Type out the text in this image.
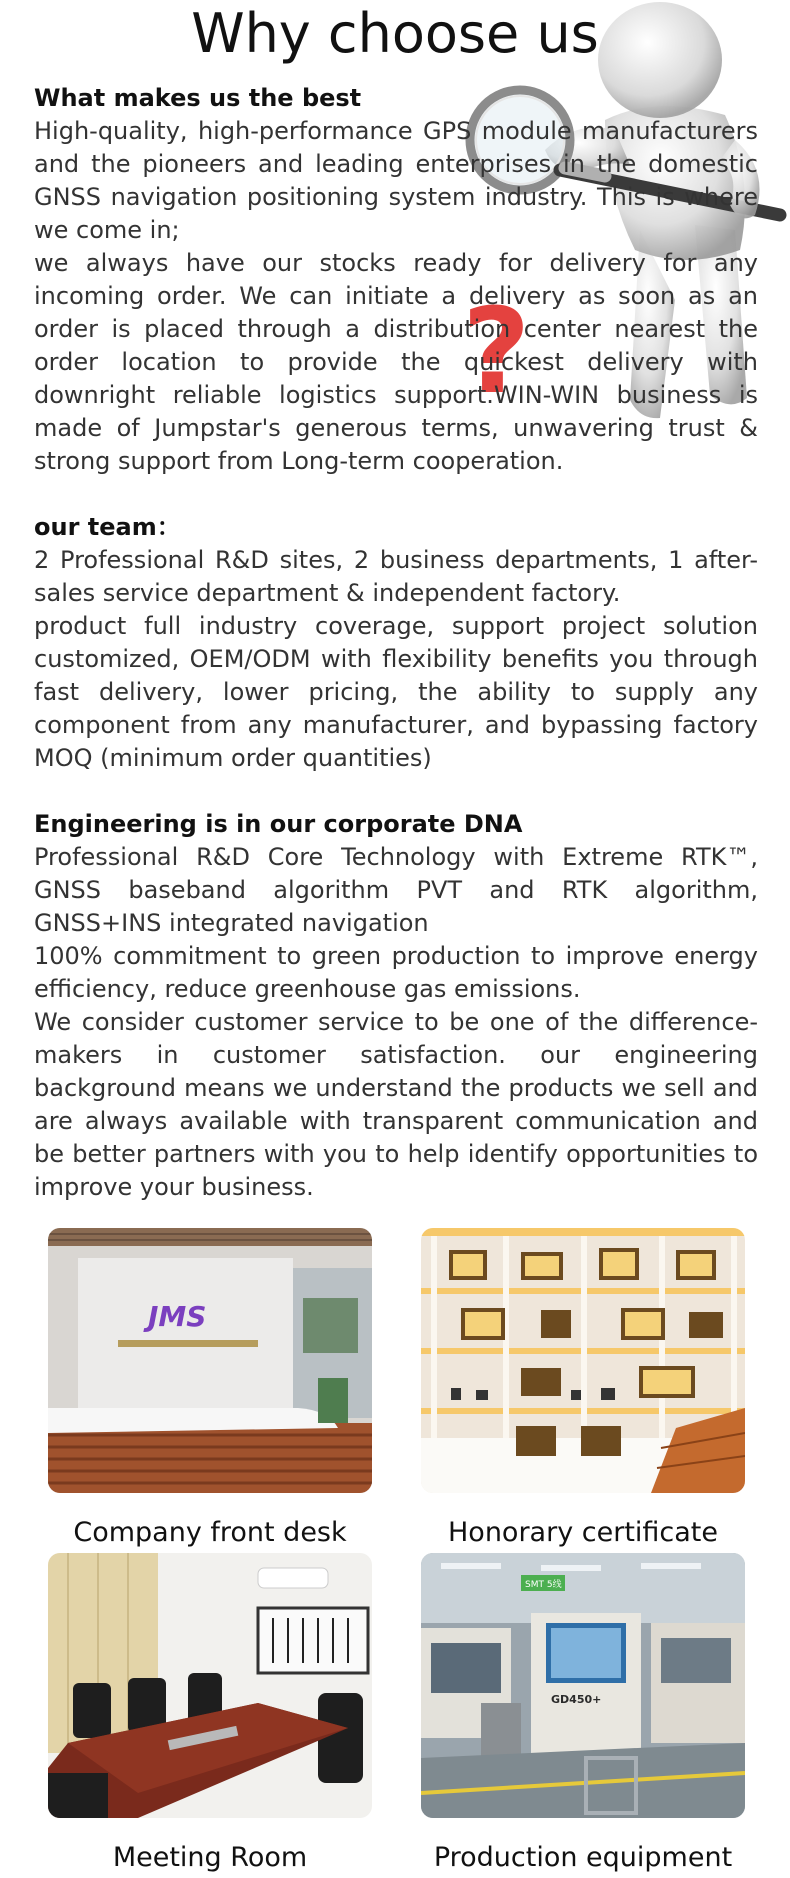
?
Why choose us

What makes us the best

High-quality, high-performance GPS module manufacturers and the pioneers and leading enterprises in the domestic GNSS navigation positioning system industry. This is where we come in;

we always have our stocks ready for delivery for any incoming order. We can initiate a delivery as soon as an order is placed through a distribution center nearest the order location to provide the quickest delivery with downright reliable logistics support.WIN-WIN business is made of Jumpstar's generous terms, unwavering trust & strong support from Long-term cooperation.

our team：

2 Professional R&D sites, 2 business departments, 1 after-sales service department & independent factory.

product full industry coverage, support project solution customized, OEM/ODM with flexibility benefits you through fast delivery, lower pricing, the ability to supply any component from any manufacturer, and bypassing factory MOQ (minimum order quantities)

Engineering is in our corporate DNA

Professional R&D Core Technology with Extreme RTK™, GNSS baseband algorithm PVT and RTK algorithm, GNSS+INS integrated navigation

100% commitment to green production to improve energy efficiency, reduce greenhouse gas emissions.

We consider customer service to be one of the difference-makers in customer satisfaction. our engineering background means we understand the products we sell and are always available with transparent communication and be better partners with you to help identify opportunities to improve your business.

JMS
Company front desk	Honorary certificate
Meeting Room
SMT 5线
GD450+
Production equipment
